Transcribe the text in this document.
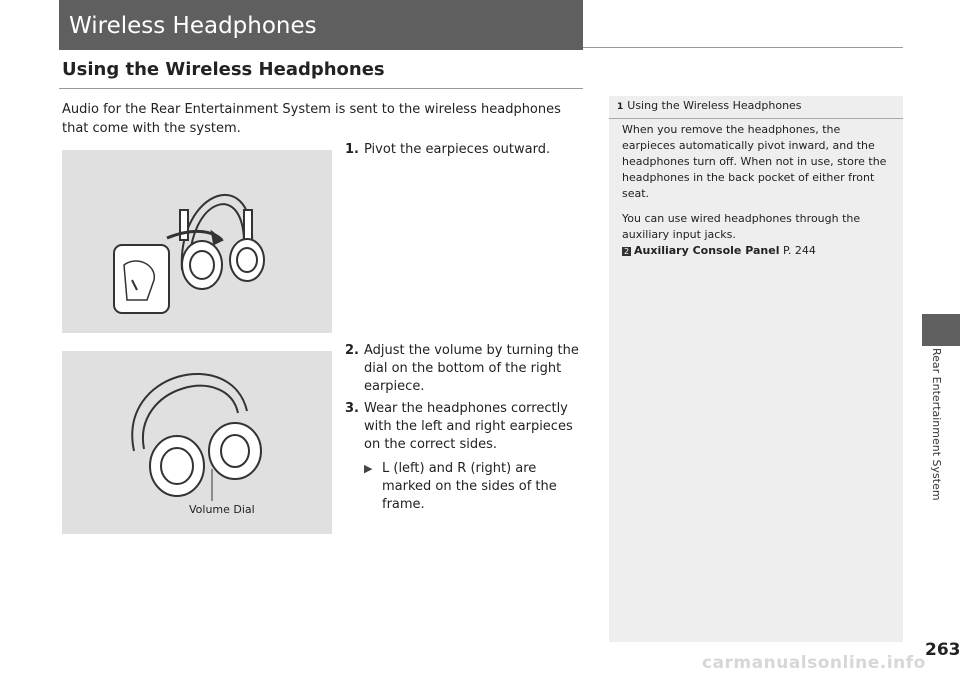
Wireless Headphones
Using the Wireless Headphones
Audio for the Rear Entertainment System is sent to the wireless headphones that come with the system.
1. Pivot the earpieces outward.
Volume Dial
2. Adjust the volume by turning the dial on the bottom of the right earpiece.
3. Wear the headphones correctly with the left and right earpieces on the correct sides.
▶ L (left) and R (right) are marked on the sides of the frame.
1 Using the Wireless Headphones

When you remove the headphones, the earpieces automatically pivot inward, and the headphones turn off. When not in use, store the headphones in the back pocket of either front seat.

You can use wired headphones through the auxiliary input jacks.

2 Auxiliary Console Panel P. 244
Rear Entertainment System
263
carmanualsonline.info
